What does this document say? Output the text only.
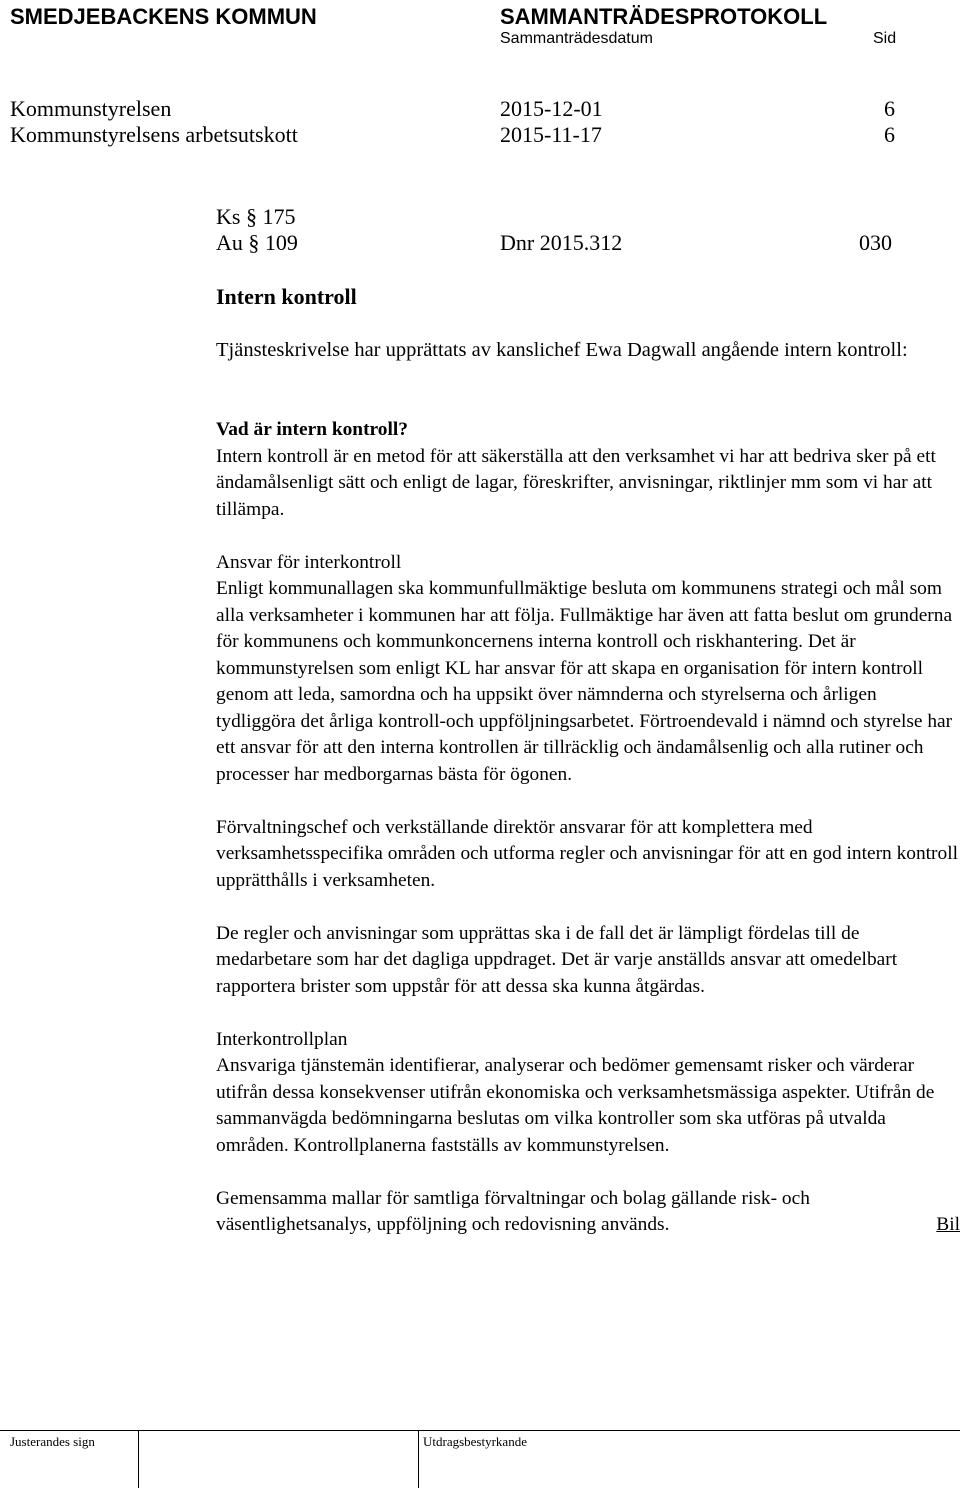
SMEDJEBACKENS KOMMUN	SAMMANTRÄDESPROTOKOLL
Sammanträdesdatum	Sid
Kommunstyrelsen	2015-12-01	6
Kommunstyrelsens arbetsutskott	2015-11-17	6
Ks § 175
Au § 109	Dnr 2015.312	030
Intern kontroll

Tjänsteskrivelse har upprättats av kanslichef Ewa Dagwall angående intern kontroll:

Vad är intern kontroll?

Intern kontroll är en metod för att säkerställa att den verksamhet vi har att bedriva sker på ett ändamålsenligt sätt och enligt de lagar, föreskrifter, anvisningar, riktlinjer mm som vi har att tillämpa.

Ansvar för interkontroll

Enligt kommunallagen ska kommunfullmäktige besluta om kommunens strategi och mål som alla verksamheter i kommunen har att följa. Fullmäktige har även att fatta beslut om grunderna för kommunens och kommunkoncernens interna kontroll och riskhantering. Det är kommunstyrelsen som enligt KL har ansvar för att skapa en organisation för intern kontroll genom att leda, samordna och ha uppsikt över nämnderna och styrelserna och årligen tydliggöra det årliga kontroll-och uppföljningsarbetet. Förtroendevald i nämnd och styrelse har ett ansvar för att den interna kontrollen är tillräcklig och ändamålsenlig och alla rutiner och processer har medborgarnas bästa för ögonen.

Förvaltningschef och verkställande direktör ansvarar för att komplettera med verksamhetsspecifika områden och utforma regler och anvisningar för att en god intern kontroll upprätthålls i verksamheten.

De regler och anvisningar som upprättas ska i de fall det är lämpligt fördelas till de medarbetare som har det dagliga uppdraget. Det är varje anställds ansvar att omedelbart rapportera brister som uppstår för att dessa ska kunna åtgärdas.

Interkontrollplan

Ansvariga tjänstemän identifierar, analyserar och bedömer gemensamt risker och värderar utifrån dessa konsekvenser utifrån ekonomiska och verksamhetsmässiga aspekter. Utifrån de sammanvägda bedömningarna beslutas om vilka kontroller som ska utföras på utvalda områden. Kontrollplanerna fastställs av kommunstyrelsen.

Gemensamma mallar för samtliga förvaltningar och bolag gällande risk- och väsentlighetsanalys, uppföljning och redovisning används.	Bil

Justerandes sign	Utdragsbestyrkande
